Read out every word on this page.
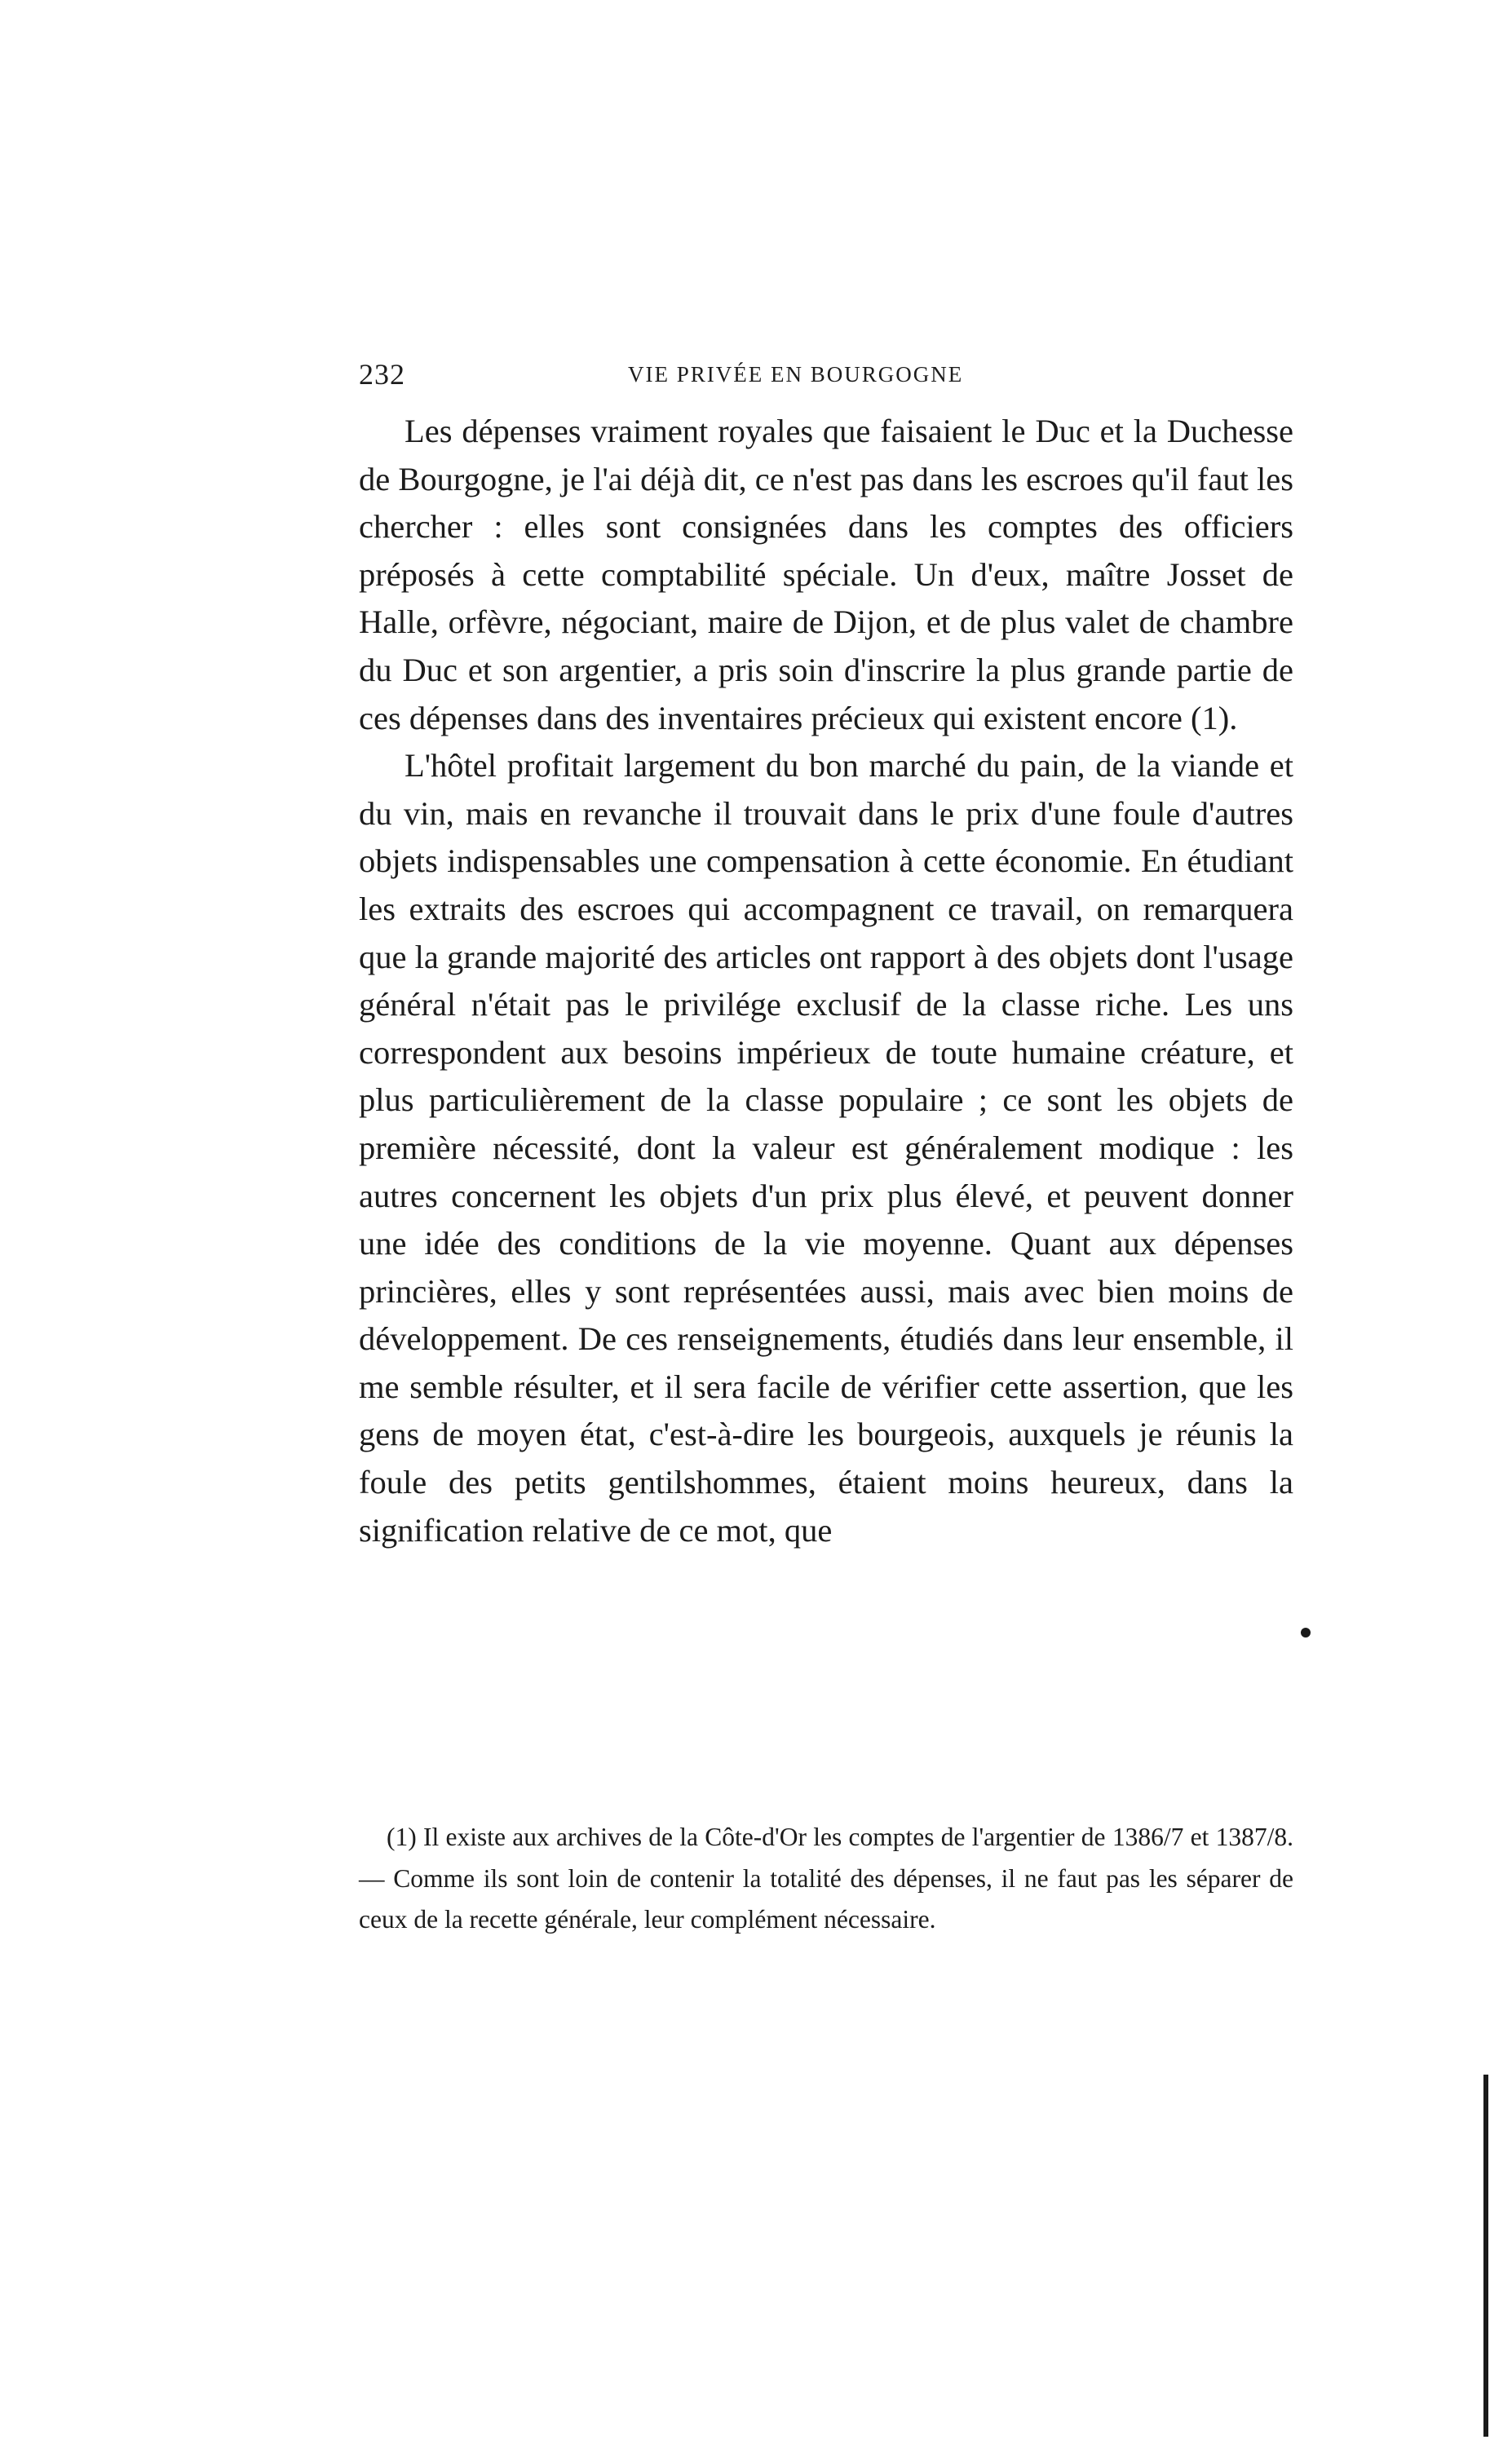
232	VIE PRIVÉE EN BOURGOGNE

Les dépenses vraiment royales que faisaient le Duc et la Duchesse de Bourgogne, je l'ai déjà dit, ce n'est pas dans les escroes qu'il faut les chercher : elles sont consignées dans les comptes des officiers préposés à cette comptabilité spéciale. Un d'eux, maître Josset de Halle, orfèvre, négociant, maire de Dijon, et de plus valet de chambre du Duc et son argentier, a pris soin d'inscrire la plus grande partie de ces dépenses dans des inventaires précieux qui existent encore (1).

L'hôtel profitait largement du bon marché du pain, de la viande et du vin, mais en revanche il trouvait dans le prix d'une foule d'autres objets indispensables une compensation à cette économie. En étudiant les extraits des escroes qui accompagnent ce travail, on remarquera que la grande majorité des articles ont rapport à des objets dont l'usage général n'était pas le privilége exclusif de la classe riche. Les uns correspondent aux besoins impérieux de toute humaine créature, et plus particulièrement de la classe populaire ; ce sont les objets de première nécessité, dont la valeur est généralement modique : les autres concernent les objets d'un prix plus élevé, et peuvent donner une idée des conditions de la vie moyenne. Quant aux dépenses princières, elles y sont représentées aussi, mais avec bien moins de développement. De ces renseignements, étudiés dans leur ensemble, il me semble résulter, et il sera facile de vérifier cette assertion, que les gens de moyen état, c'est-à-dire les bourgeois, auxquels je réunis la foule des petits gentilshommes, étaient moins heureux, dans la signification relative de ce mot, que

(1) Il existe aux archives de la Côte-d'Or les comptes de l'argentier de 1386/7 et 1387/8. — Comme ils sont loin de contenir la totalité des dépenses, il ne faut pas les séparer de ceux de la recette générale, leur complément nécessaire.
